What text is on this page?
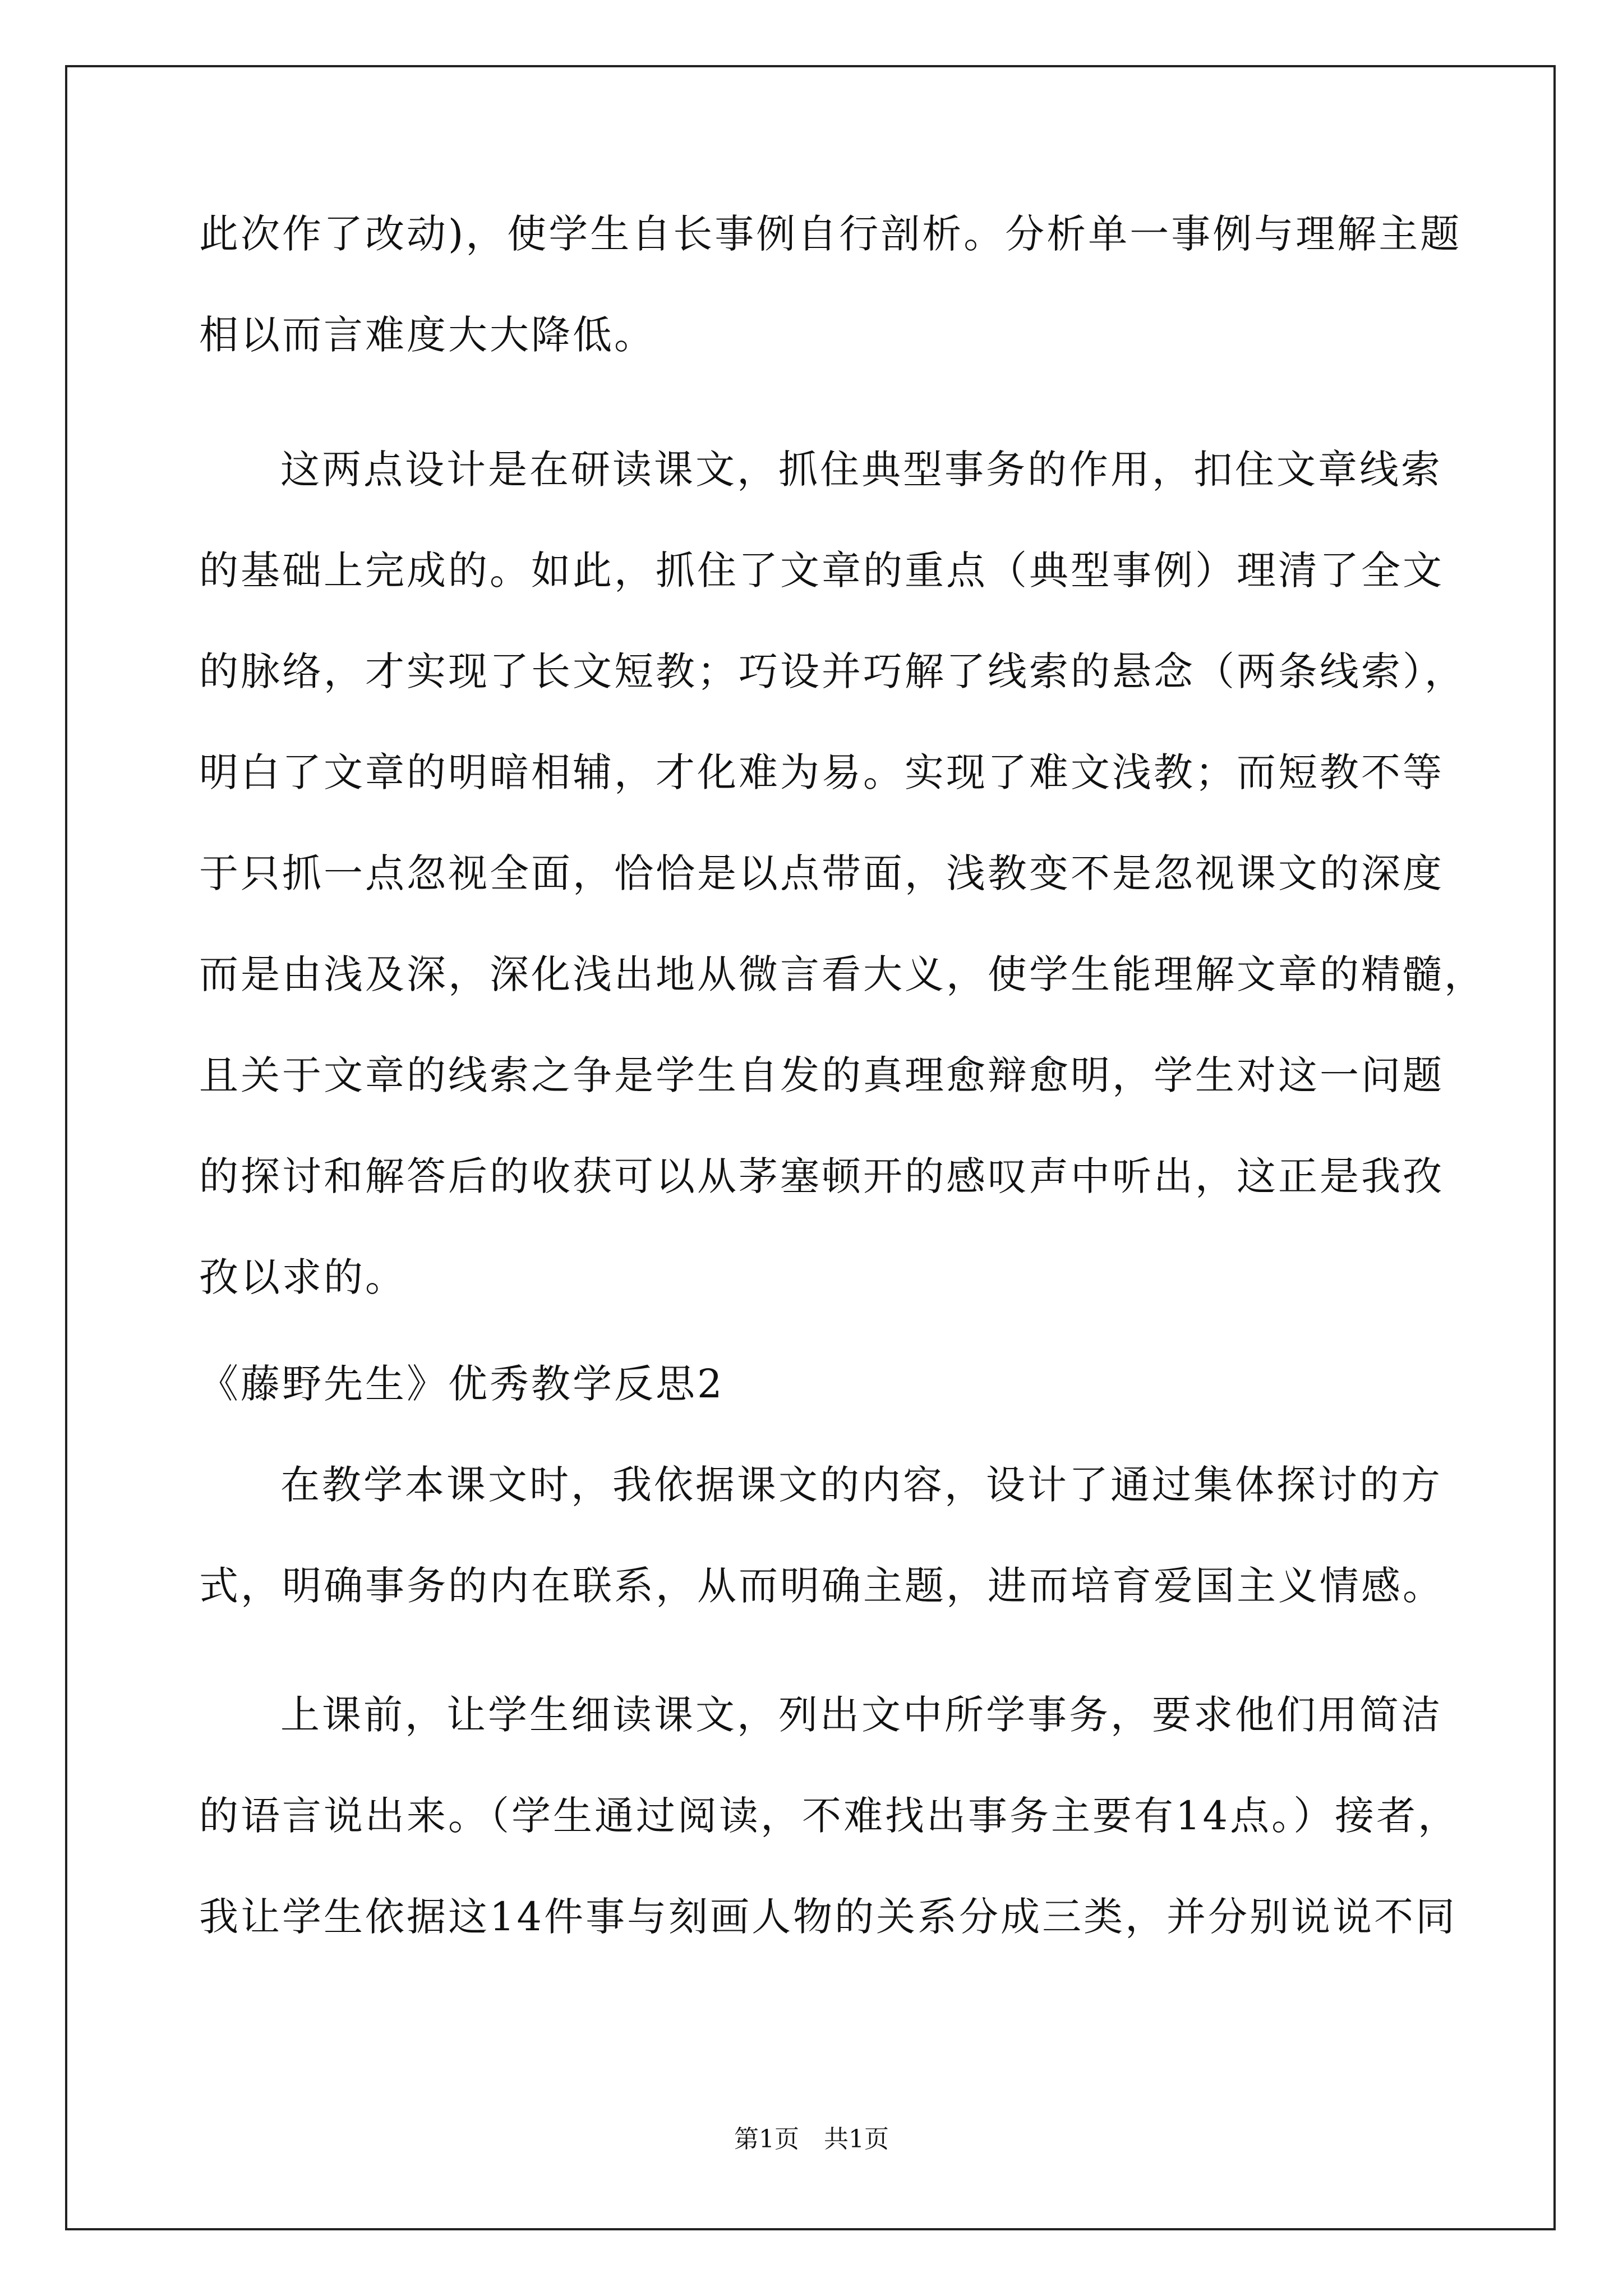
此次作了改动)，使学生自长事例自行剖析。分析单一事例与理解主题
相以而言难度大大降低。
这两点设计是在研读课文，抓住典型事务的作用，扣住文章线索
的基础上完成的。如此，抓住了文章的重点（典型事例）理清了全文
的脉络，才实现了长文短教；巧设并巧解了线索的悬念（两条线索），
明白了文章的明暗相辅，才化难为易。实现了难文浅教；而短教不等
于只抓一点忽视全面，恰恰是以点带面，浅教变不是忽视课文的深度
而是由浅及深，深化浅出地从微言看大义，使学生能理解文章的精髓，
且关于文章的线索之争是学生自发的真理愈辩愈明，学生对这一问题
的探讨和解答后的收获可以从茅塞顿开的感叹声中听出，这正是我孜
孜以求的。
《藤野先生》优秀教学反思2
在教学本课文时，我依据课文的内容，设计了通过集体探讨的方
式，明确事务的内在联系，从而明确主题，进而培育爱国主义情感。
上课前，让学生细读课文，列出文中所学事务，要求他们用简洁
的语言说出来。（学生通过阅读，不难找出事务主要有14点。）接者，
我让学生依据这14件事与刻画人物的关系分成三类，并分别说说不同
第1页　共1页
